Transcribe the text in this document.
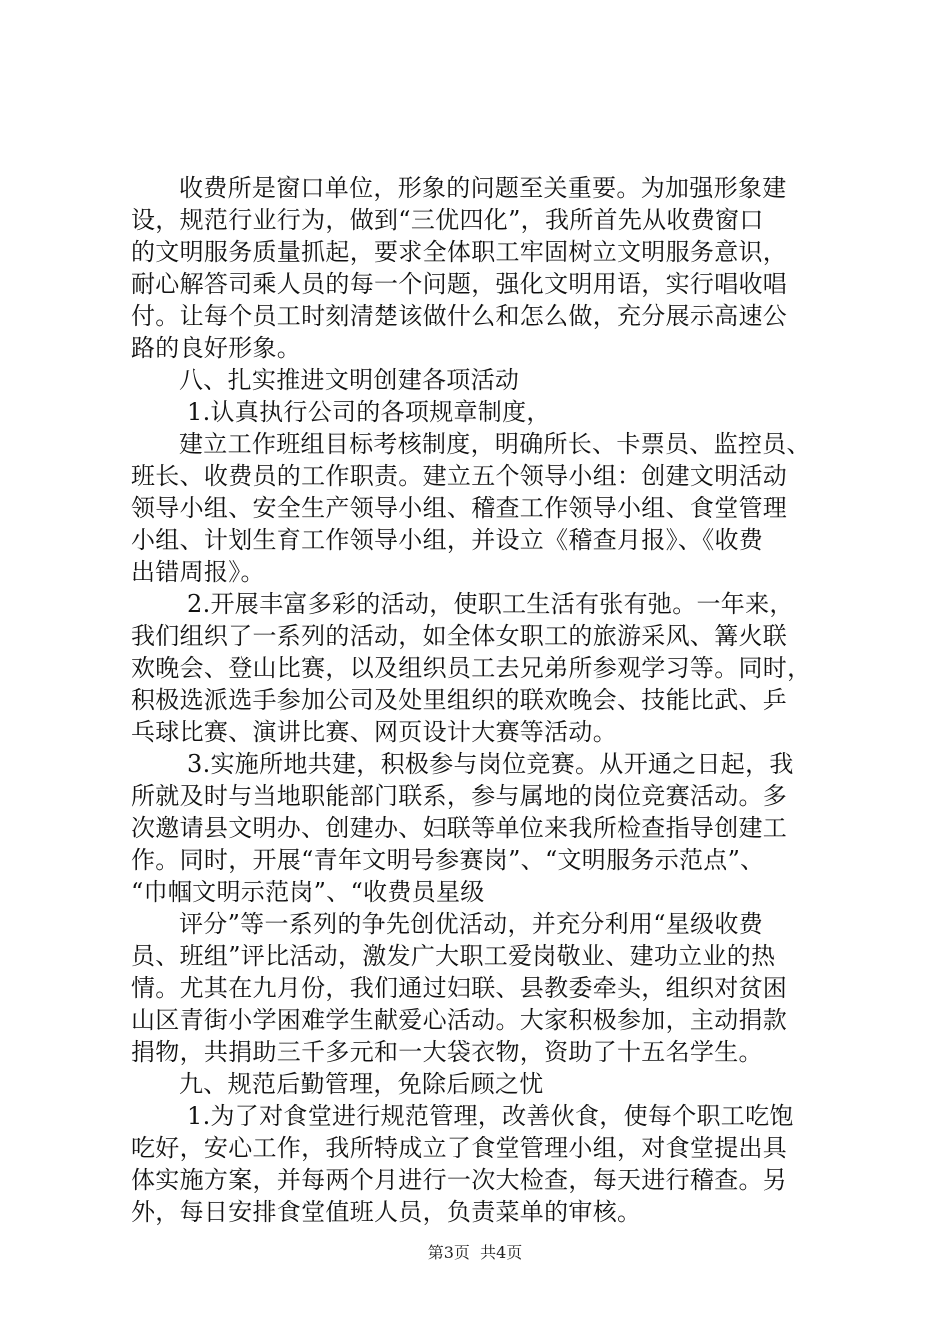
收费所是窗口单位，形象的问题至关重要。为加强形象建
设，规范行业行为，做到“三优四化”，我所首先从收费窗口
的文明服务质量抓起，要求全体职工牢固树立文明服务意识，
耐心解答司乘人员的每一个问题，强化文明用语，实行唱收唱
付。让每个员工时刻清楚该做什么和怎么做，充分展示高速公
路的良好形象。
八、扎实推进文明创建各项活动
1.认真执行公司的各项规章制度，
建立工作班组目标考核制度，明确所长、卡票员、监控员、
班长、收费员的工作职责。建立五个领导小组：创建文明活动
领导小组、安全生产领导小组、稽查工作领导小组、食堂管理
小组、计划生育工作领导小组，并设立《稽查月报》、《收费
出错周报》。
2.开展丰富多彩的活动，使职工生活有张有弛。一年来，
我们组织了一系列的活动，如全体女职工的旅游采风、篝火联
欢晚会、登山比赛，以及组织员工去兄弟所参观学习等。同时，
积极选派选手参加公司及处里组织的联欢晚会、技能比武、乒
乓球比赛、演讲比赛、网页设计大赛等活动。
3.实施所地共建，积极参与岗位竞赛。从开通之日起，我
所就及时与当地职能部门联系，参与属地的岗位竞赛活动。多
次邀请县文明办、创建办、妇联等单位来我所检查指导创建工
作。同时，开展“青年文明号参赛岗”、“文明服务示范点”、
“巾帼文明示范岗”、“收费员星级
评分”等一系列的争先创优活动，并充分利用“星级收费
员、班组”评比活动，激发广大职工爱岗敬业、建功立业的热
情。尤其在九月份，我们通过妇联、县教委牵头，组织对贫困
山区青街小学困难学生献爱心活动。大家积极参加，主动捐款
捐物，共捐助三千多元和一大袋衣物，资助了十五名学生。
九、规范后勤管理，免除后顾之忧
1.为了对食堂进行规范管理，改善伙食，使每个职工吃饱
吃好，安心工作，我所特成立了食堂管理小组，对食堂提出具
体实施方案，并每两个月进行一次大检查，每天进行稽查。另
外，每日安排食堂值班人员，负责菜单的审核。
第3页  共4页
